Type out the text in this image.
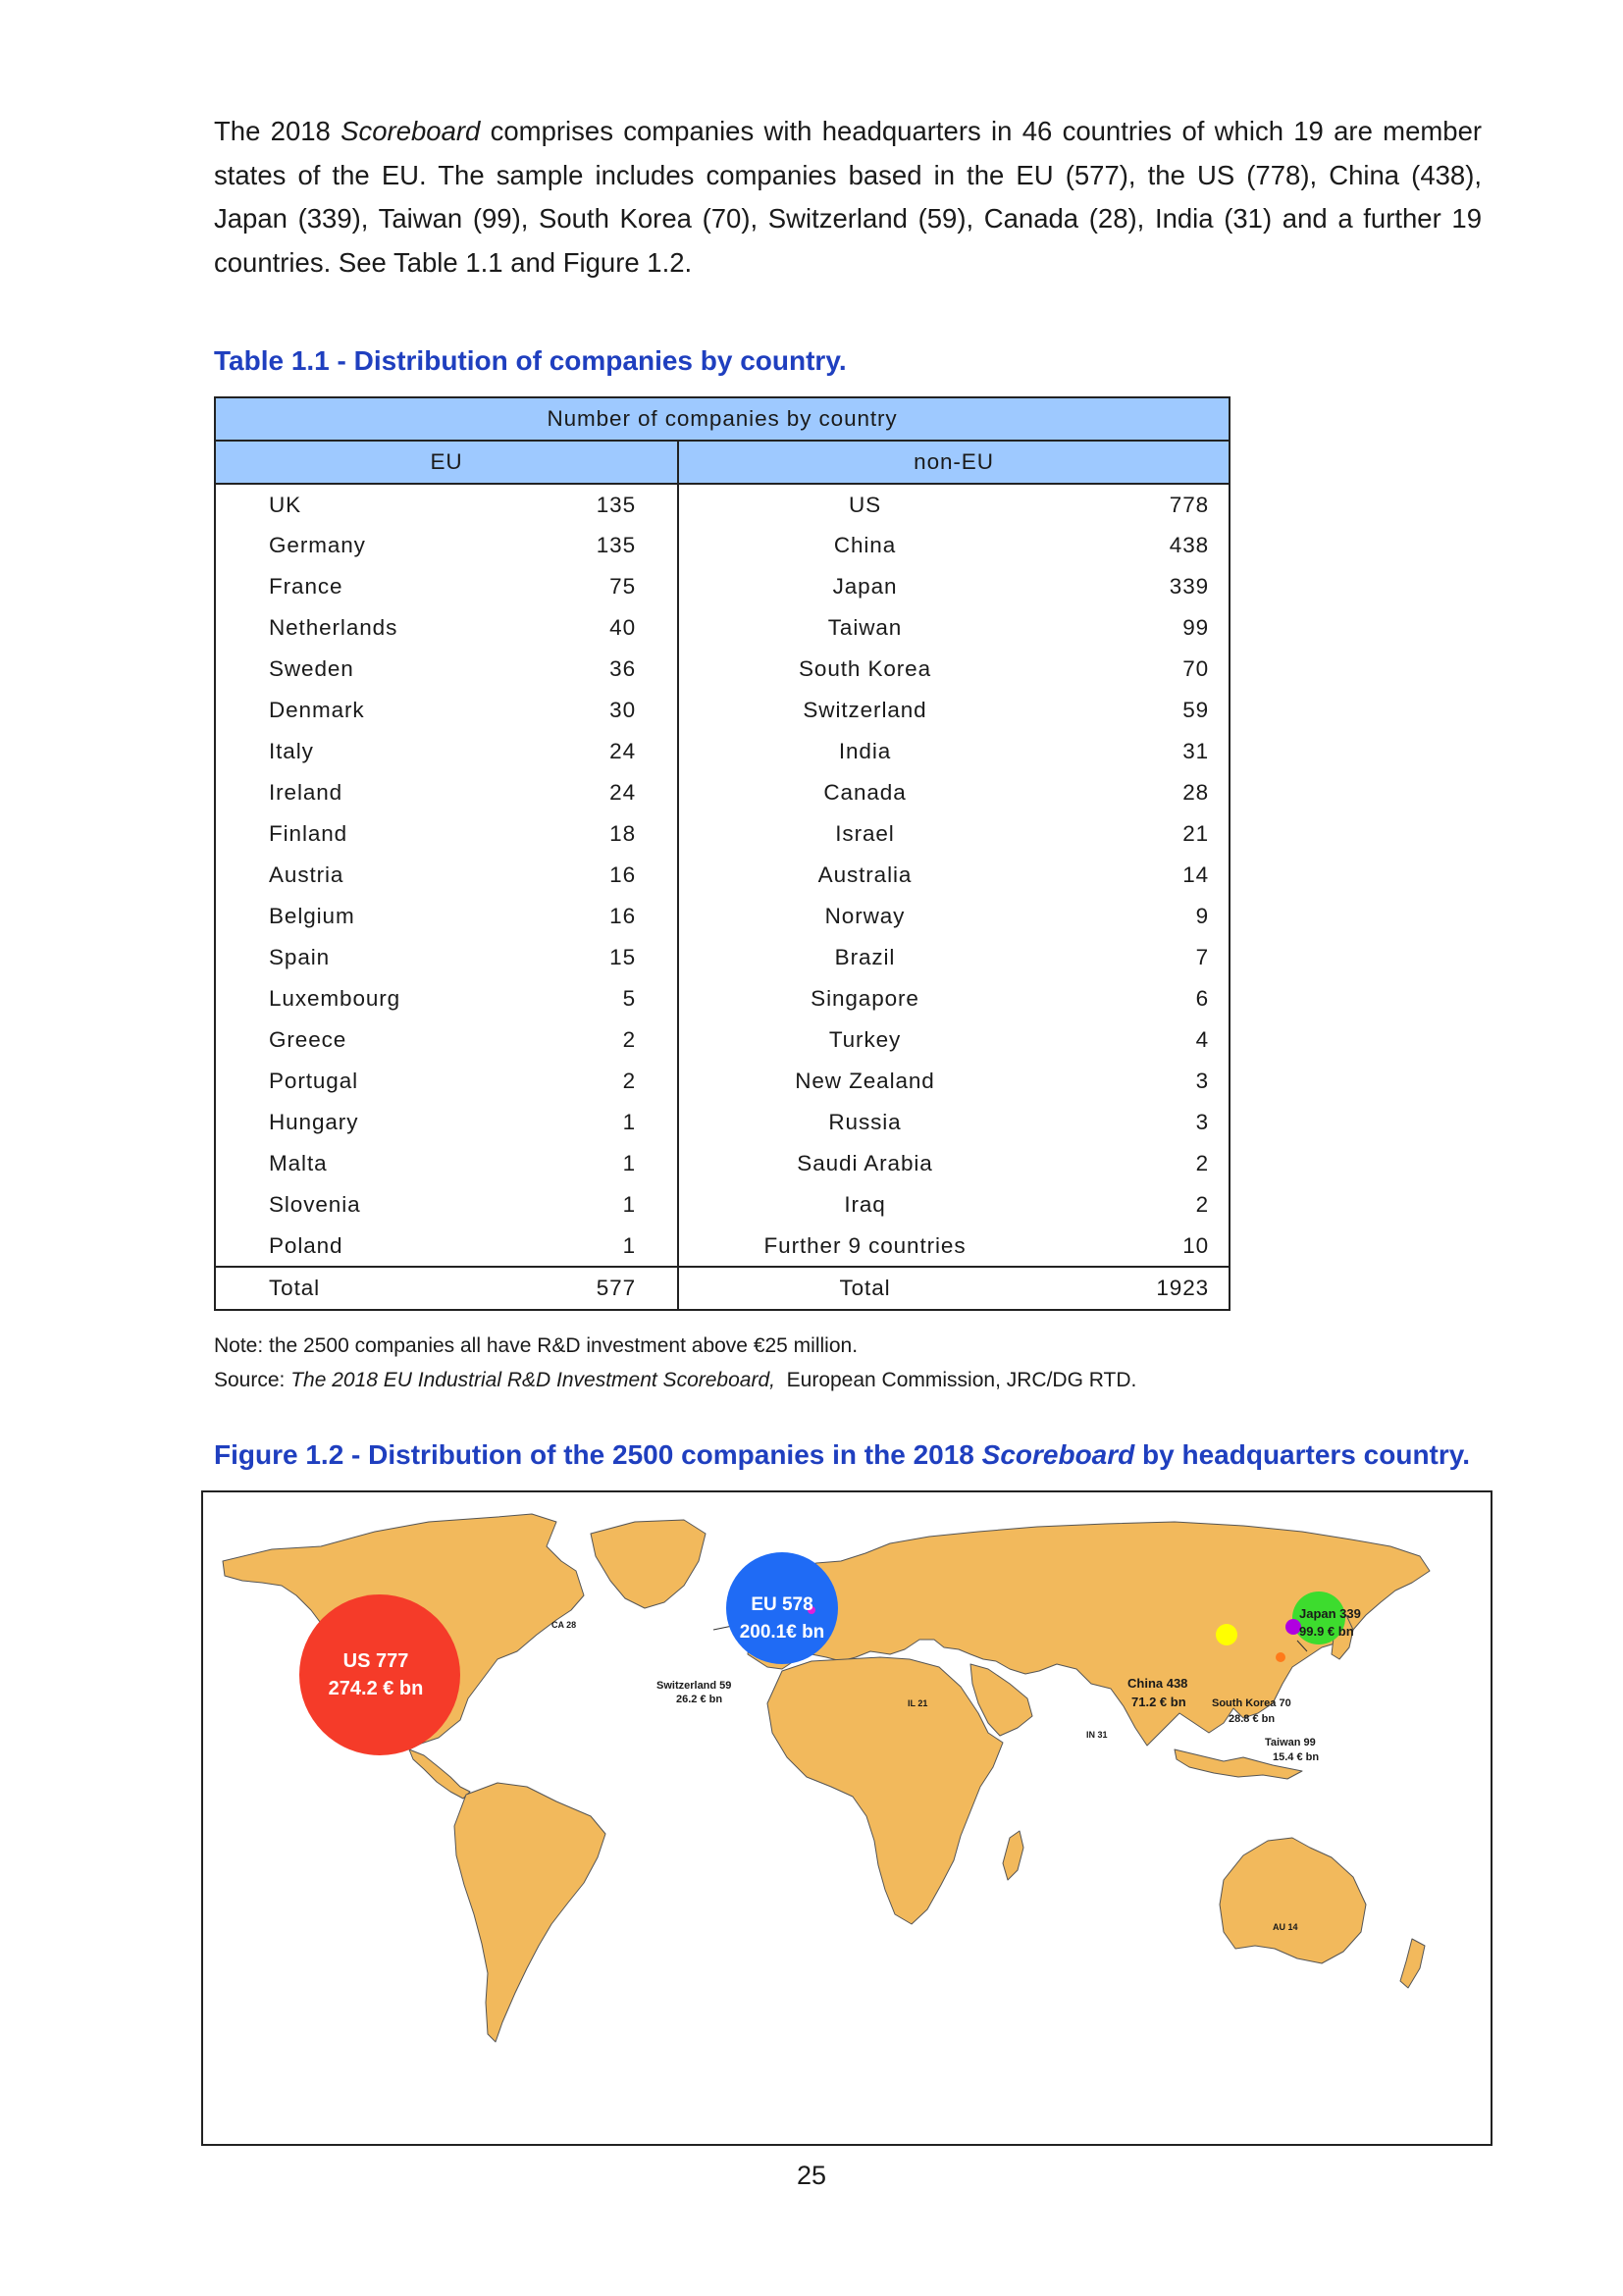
The 2018 Scoreboard comprises companies with headquarters in 46 countries of which 19 are member states of the EU. The sample includes companies based in the EU (577), the US (778), China (438), Japan (339), Taiwan (99), South Korea (70), Switzerland (59), Canada (28), India (31) and a further 19 countries. See Table 1.1 and Figure 1.2.

Table 1.1 - Distribution of companies by country.

Number of companies by country			
EU		non-EU	
UK	135	US	778
Germany	135	China	438
France	75	Japan	339
Netherlands	40	Taiwan	99
Sweden	36	South Korea	70
Denmark	30	Switzerland	59
Italy	24	India	31
Ireland	24	Canada	28
Finland	18	Israel	21
Austria	16	Australia	14
Belgium	16	Norway	9
Spain	15	Brazil	7
Luxembourg	5	Singapore	6
Greece	2	Turkey	4
Portugal	2	New Zealand	3
Hungary	1	Russia	3
Malta	1	Saudi Arabia	2
Slovenia	1	Iraq	2
Poland	1	Further 9 countries	10
Total	577	Total	1923

Note: the 2500 companies all have R&D investment above €25 million.

Source: The 2018 EU Industrial R&D Investment Scoreboard, European Commission, JRC/DG RTD.

Figure 1.2 - Distribution of the 2500 companies in the 2018 Scoreboard by headquarters country.

US 777
274.2 € bn
EU 578
200.1€ bn
Japan 339
99.9 € bn
China 438
71.2 € bn South Korea 70
28.8 € bn
Taiwan 99
15.4 € bn
Switzerland 59
26.2 € bn
CA 28
IL 21
IN 31
AU 14

25
